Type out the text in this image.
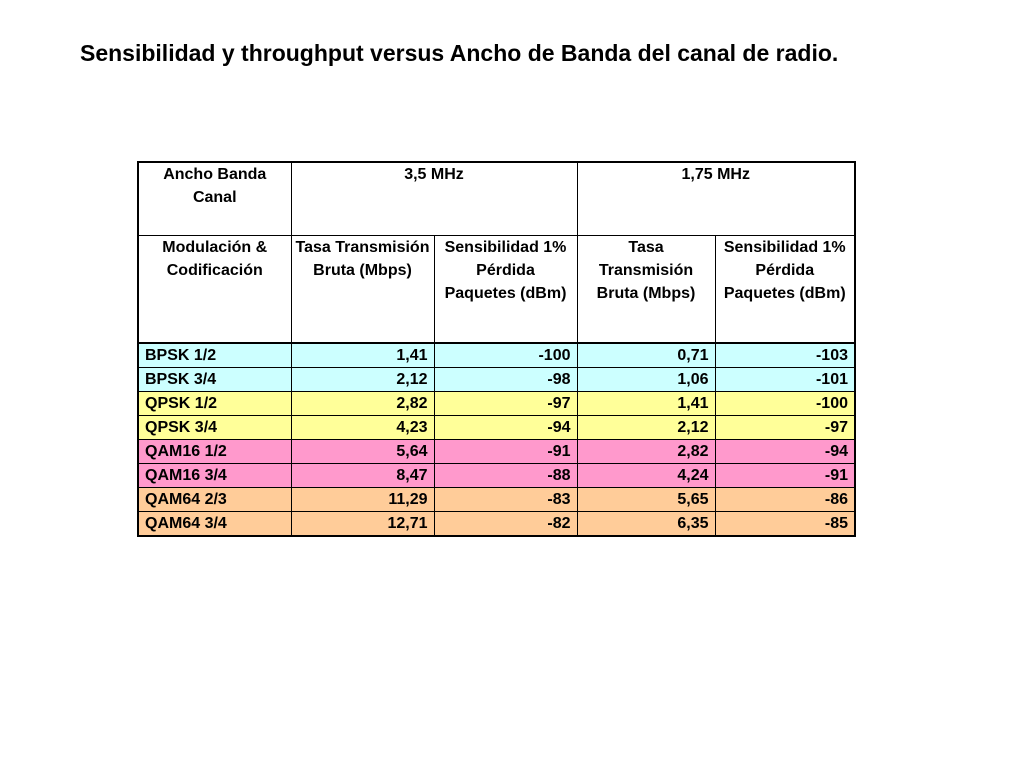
Sensibilidad y throughput versus Ancho de Banda del canal de radio.
Ancho Banda Canal	3,5 MHz		1,75 MHz	
Modulación & Codificación	Tasa Transmisión Bruta (Mbps)	Sensibilidad 1% Pérdida Paquetes (dBm)	Tasa Transmisión Bruta (Mbps)	Sensibilidad 1% Pérdida Paquetes (dBm)
BPSK 1/2	1,41	-100	0,71	-103
BPSK 3/4	2,12	-98	1,06	-101
QPSK 1/2	2,82	-97	1,41	-100
QPSK 3/4	4,23	-94	2,12	-97
QAM16 1/2	5,64	-91	2,82	-94
QAM16 3/4	8,47	-88	4,24	-91
QAM64 2/3	11,29	-83	5,65	-86
QAM64 3/4	12,71	-82	6,35	-85
